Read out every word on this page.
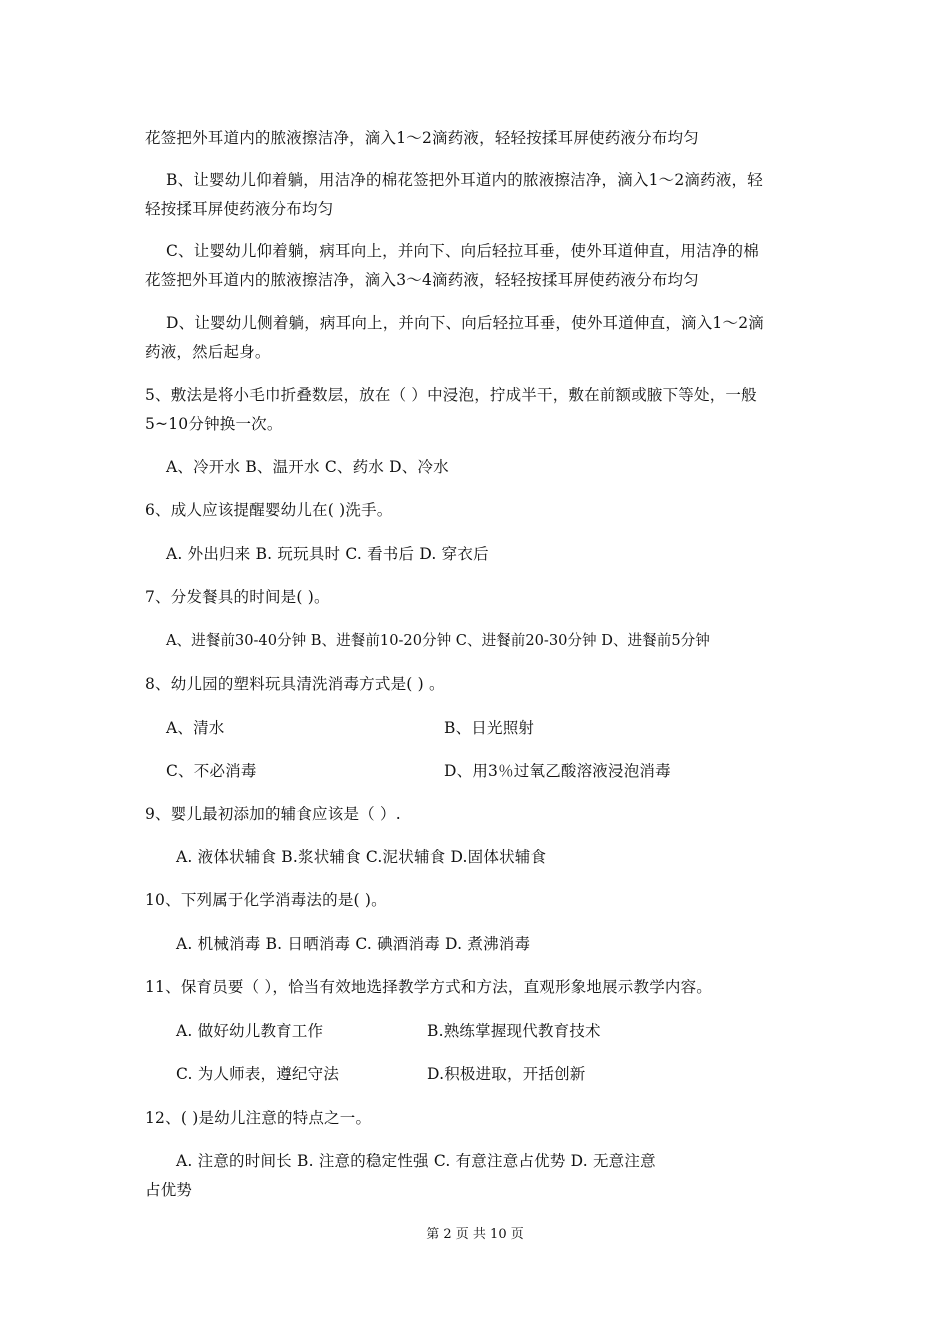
花签把外耳道内的脓液擦洁净，滴入1～2滴药液，轻轻按揉耳屏使药液分布均匀
B、让婴幼儿仰着躺，用洁净的棉花签把外耳道内的脓液擦洁净，滴入1～2滴药液，轻
轻按揉耳屏使药液分布均匀
C、让婴幼儿仰着躺，病耳向上，并向下、向后轻拉耳垂，使外耳道伸直，用洁净的棉
花签把外耳道内的脓液擦洁净，滴入3～4滴药液，轻轻按揉耳屏使药液分布均匀
D、让婴幼儿侧着躺，病耳向上，并向下、向后轻拉耳垂，使外耳道伸直，滴入1～2滴
药液，然后起身。
5、敷法是将小毛巾折叠数层，放在（ ）中浸泡，拧成半干，敷在前额或腋下等处，一般
5~10分钟换一次。
A、冷开水 B、温开水 C、药水 D、冷水
6、成人应该提醒婴幼儿在( )洗手。
A. 外出归来 B. 玩玩具时 C. 看书后 D. 穿衣后
7、分发餐具的时间是( )。
A、进餐前30-40分钟 B、进餐前10-20分钟 C、进餐前20-30分钟 D、进餐前5分钟
8、幼儿园的塑料玩具清洗消毒方式是( ) 。
A、清水	B、日光照射
C、不必消毒	D、用3％过氧乙酸溶液浸泡消毒
9、婴儿最初添加的辅食应该是（ ）.
A. 液体状辅食 B.浆状辅食 C.泥状辅食 D.固体状辅食
10、下列属于化学消毒法的是( )。
A. 机械消毒 B. 日晒消毒 C. 碘酒消毒 D. 煮沸消毒
11、保育员要（ ），恰当有效地选择教学方式和方法，直观形象地展示教学内容。
A. 做好幼儿教育工作	B.熟练掌握现代教育技术
C. 为人师表，遵纪守法	D.积极进取，开括创新
12、( )是幼儿注意的特点之一。
A. 注意的时间长 B. 注意的稳定性强 C. 有意注意占优势 D. 无意注意
占优势
第 2 页 共 10 页
